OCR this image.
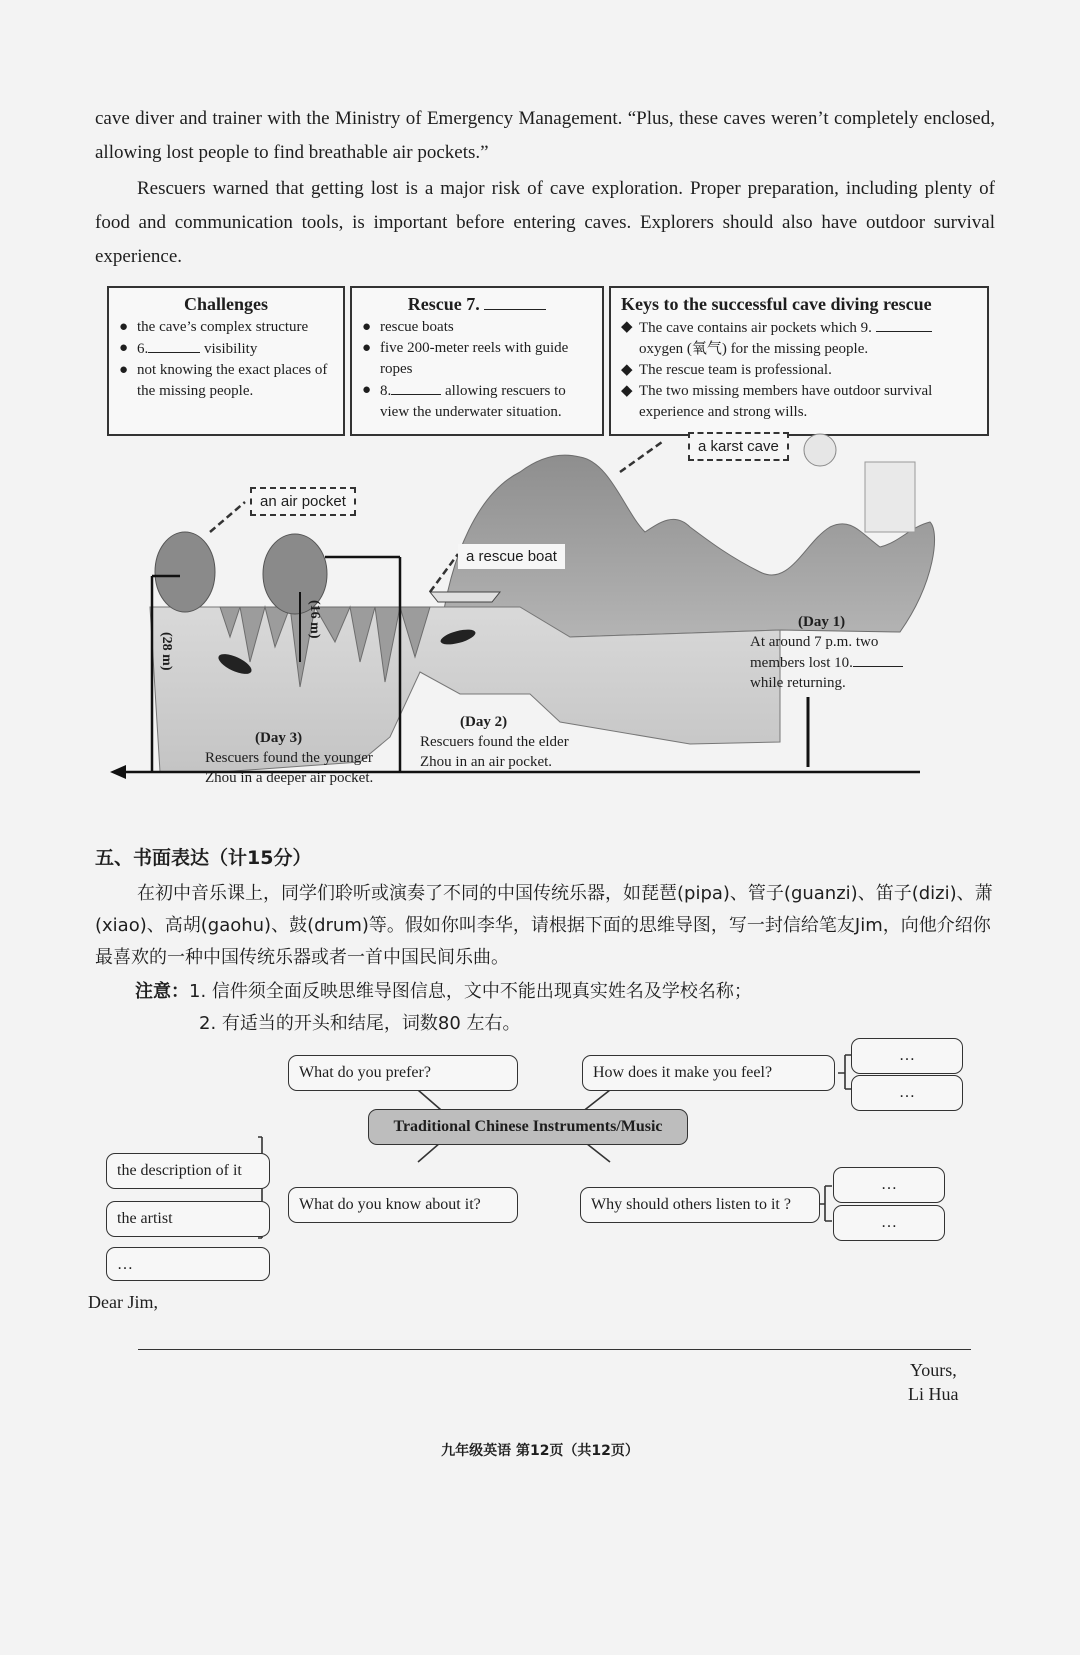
cave diver and trainer with the Ministry of Emergency Management. “Plus, these caves weren’t completely enclosed, allowing lost people to find breathable air pockets.”
Rescuers warned that getting lost is a major risk of cave exploration. Proper preparation, including plenty of food and communication tools, is important before entering caves. Explorers should also have outdoor survival experience.
Challenges
● the cave’s complex structure
● 6.	visibility
● not knowing the exact places of the missing people.
Rescue 7.
● rescue boats
● five 200-meter reels with guide ropes
● 8.	allowing rescuers to view the underwater situation.
Keys to the successful cave diving rescue
◆ The cave contains air pockets which 9.
oxygen (氧气) for the missing people.
◆ The rescue team is professional.
◆ The two missing members have outdoor survival experience and strong wills.
a karst cave
an air pocket
a rescue boat
(28 m)
(16 m)	(Day 1)
At around 7 p.m. two members lost 10.
while returning.
(Day 2)
Rescuers found the elder Zhou in an air pocket.
(Day 3)
Rescuers found the younger Zhou in a deeper air pocket.
五、书面表达（计15分）
在初中音乐课上，同学们聆听或演奏了不同的中国传统乐器，如琵琶(pipa)、管子(guanzi)、笛子(dizi)、萧(xiao)、高胡(gaohu)、鼓(drum)等。假如你叫李华，请根据下面的思维导图，写一封信给笔友Jim，向他介绍你最喜欢的一种中国传统乐器或者一首中国民间乐曲。
注意：1. 信件须全面反映思维导图信息，文中不能出现真实姓名及学校名称；
2. 有适当的开头和结尾，词数80 左右。
What do you prefer?	How does it make you feel?
…
…
Traditional Chinese Instruments/Music
the description of it
the artist
…
What do you know about it?	Why should others listen to it ?
…
…
Dear Jim,
Yours,
Li Hua
九年级英语 第12页（共12页）
